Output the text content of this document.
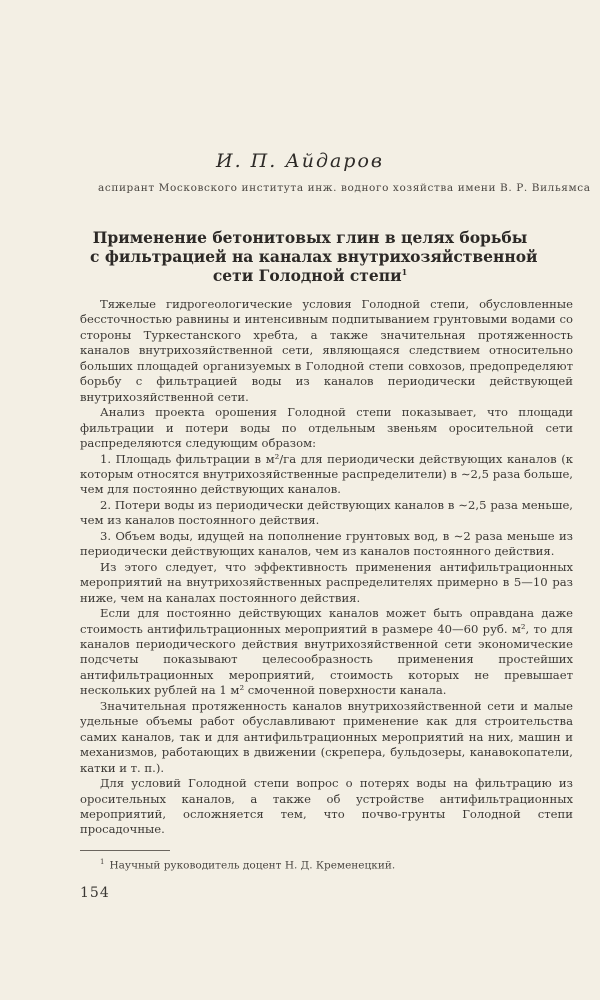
И. П. Айдаров
аспирант Московского института инж. водного хозяйства имени В. Р. Вильямса
Применение бетонитовых глин в целях борьбы
с фильтрацией на каналах внутрихозяйственной
сети Голодной степи$^1$

Тяжелые гидрогеологические условия Голодной степи, обусловленные бессточностью равнины и интенсивным подпитыванием грунтовыми водами со стороны Туркестанского хребта, а также значительная протяженность каналов внутрихозяйственной сети, являющаяся следствием относительно больших площадей организуемых в Голодной степи совхозов, предопределяют борьбу с фильтрацией воды из каналов периодически действующей внутрихозяйственной сети.

Анализ проекта орошения Голодной степи показывает, что площади фильтрации и потери воды по отдельным звеньям оросительной сети распределяются следующим образом:

1. Площадь фильтрации в м²/га для периодически действующих каналов (к которым относятся внутрихозяйственные распределители) в ∼2,5 раза больше, чем для постоянно действующих каналов.

2. Потери воды из периодически действующих каналов в ∼2,5 раза меньше, чем из каналов постоянного действия.

3. Объем воды, идущей на пополнение грунтовых вод, в ∼2 раза меньше из периодически действующих каналов, чем из каналов постоянного действия.

Из этого следует, что эффективность применения антифильтрационных мероприятий на внутрихозяйственных распределителях примерно в 5—10 раз ниже, чем на каналах постоянного действия.

Если для постоянно действующих каналов может быть оправдана даже стоимость антифильтрационных мероприятий в размере 40—60 руб. м², то для каналов периодического действия внутрихозяйственной сети экономические подсчеты показывают целесообразность применения простейших антифильтрационных мероприятий, стоимость которых не превышает нескольких рублей на 1 м² смоченной поверхности канала.

Значительная протяженность каналов внутрихозяйственной сети и малые удельные объемы работ обуславливают применение как для строительства самих каналов, так и для антифильтрационных мероприятий на них, машин и механизмов, работающих в движении (скрепера, бульдозеры, канавокопатели, катки и т. п.).

Для условий Голодной степи вопрос о потерях воды на фильтрацию из оросительных каналов, а также об устройстве антифильтрационных мероприятий, осложняется тем, что почво-грунты Голодной степи просадочные.

$^1$ Научный руководитель доцент Н. Д. Кременецкий.
154
